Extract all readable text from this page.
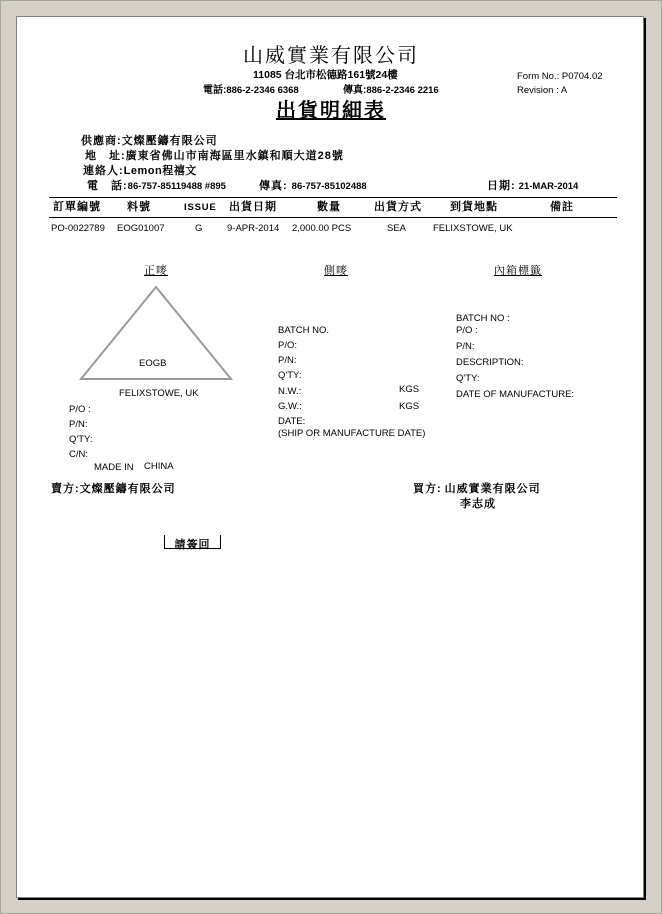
山威實業有限公司
11085 台北市松德路161號24樓	Form No.: P0704.02
電話:886-2-2346 6368	傳真:886-2-2346 2216	Revision : A
出貨明細表
供應商:文燦壓鑄有限公司
地　址:廣東省佛山市南海區里水鎮和順大道28號
連絡人:Lemon程禧文
電　話:86-757-85119488 #895	傳真: 86-757-85102488	日期: 21-MAR-2014
訂單編號 料號	ISSUE 出貨日期	數量	出貨方式	到貨地點	備註
PO-0022789 EOG01007	G	9-APR-2014 2,000.00 PCS	SEA	FELIXSTOWE, UK
正嘜	側嘜	內箱標籤
EOGB
FELIXSTOWE, UK
P/O :
P/N:
Q'TY:
C/N:
MADE IN CHINA
BATCH NO.
P/O:
P/N:
Q'TY:
N.W.:	KGS
G.W.:	KGS
DATE:
(SHIP OR MANUFACTURE DATE)
BATCH NO :
P/O :
P/N:
DESCRIPTION:
Q'TY:
DATE OF MANUFACTURE:
賣方:文燦壓鑄有限公司	買方: 山威實業有限公司
李志成
請簽回
